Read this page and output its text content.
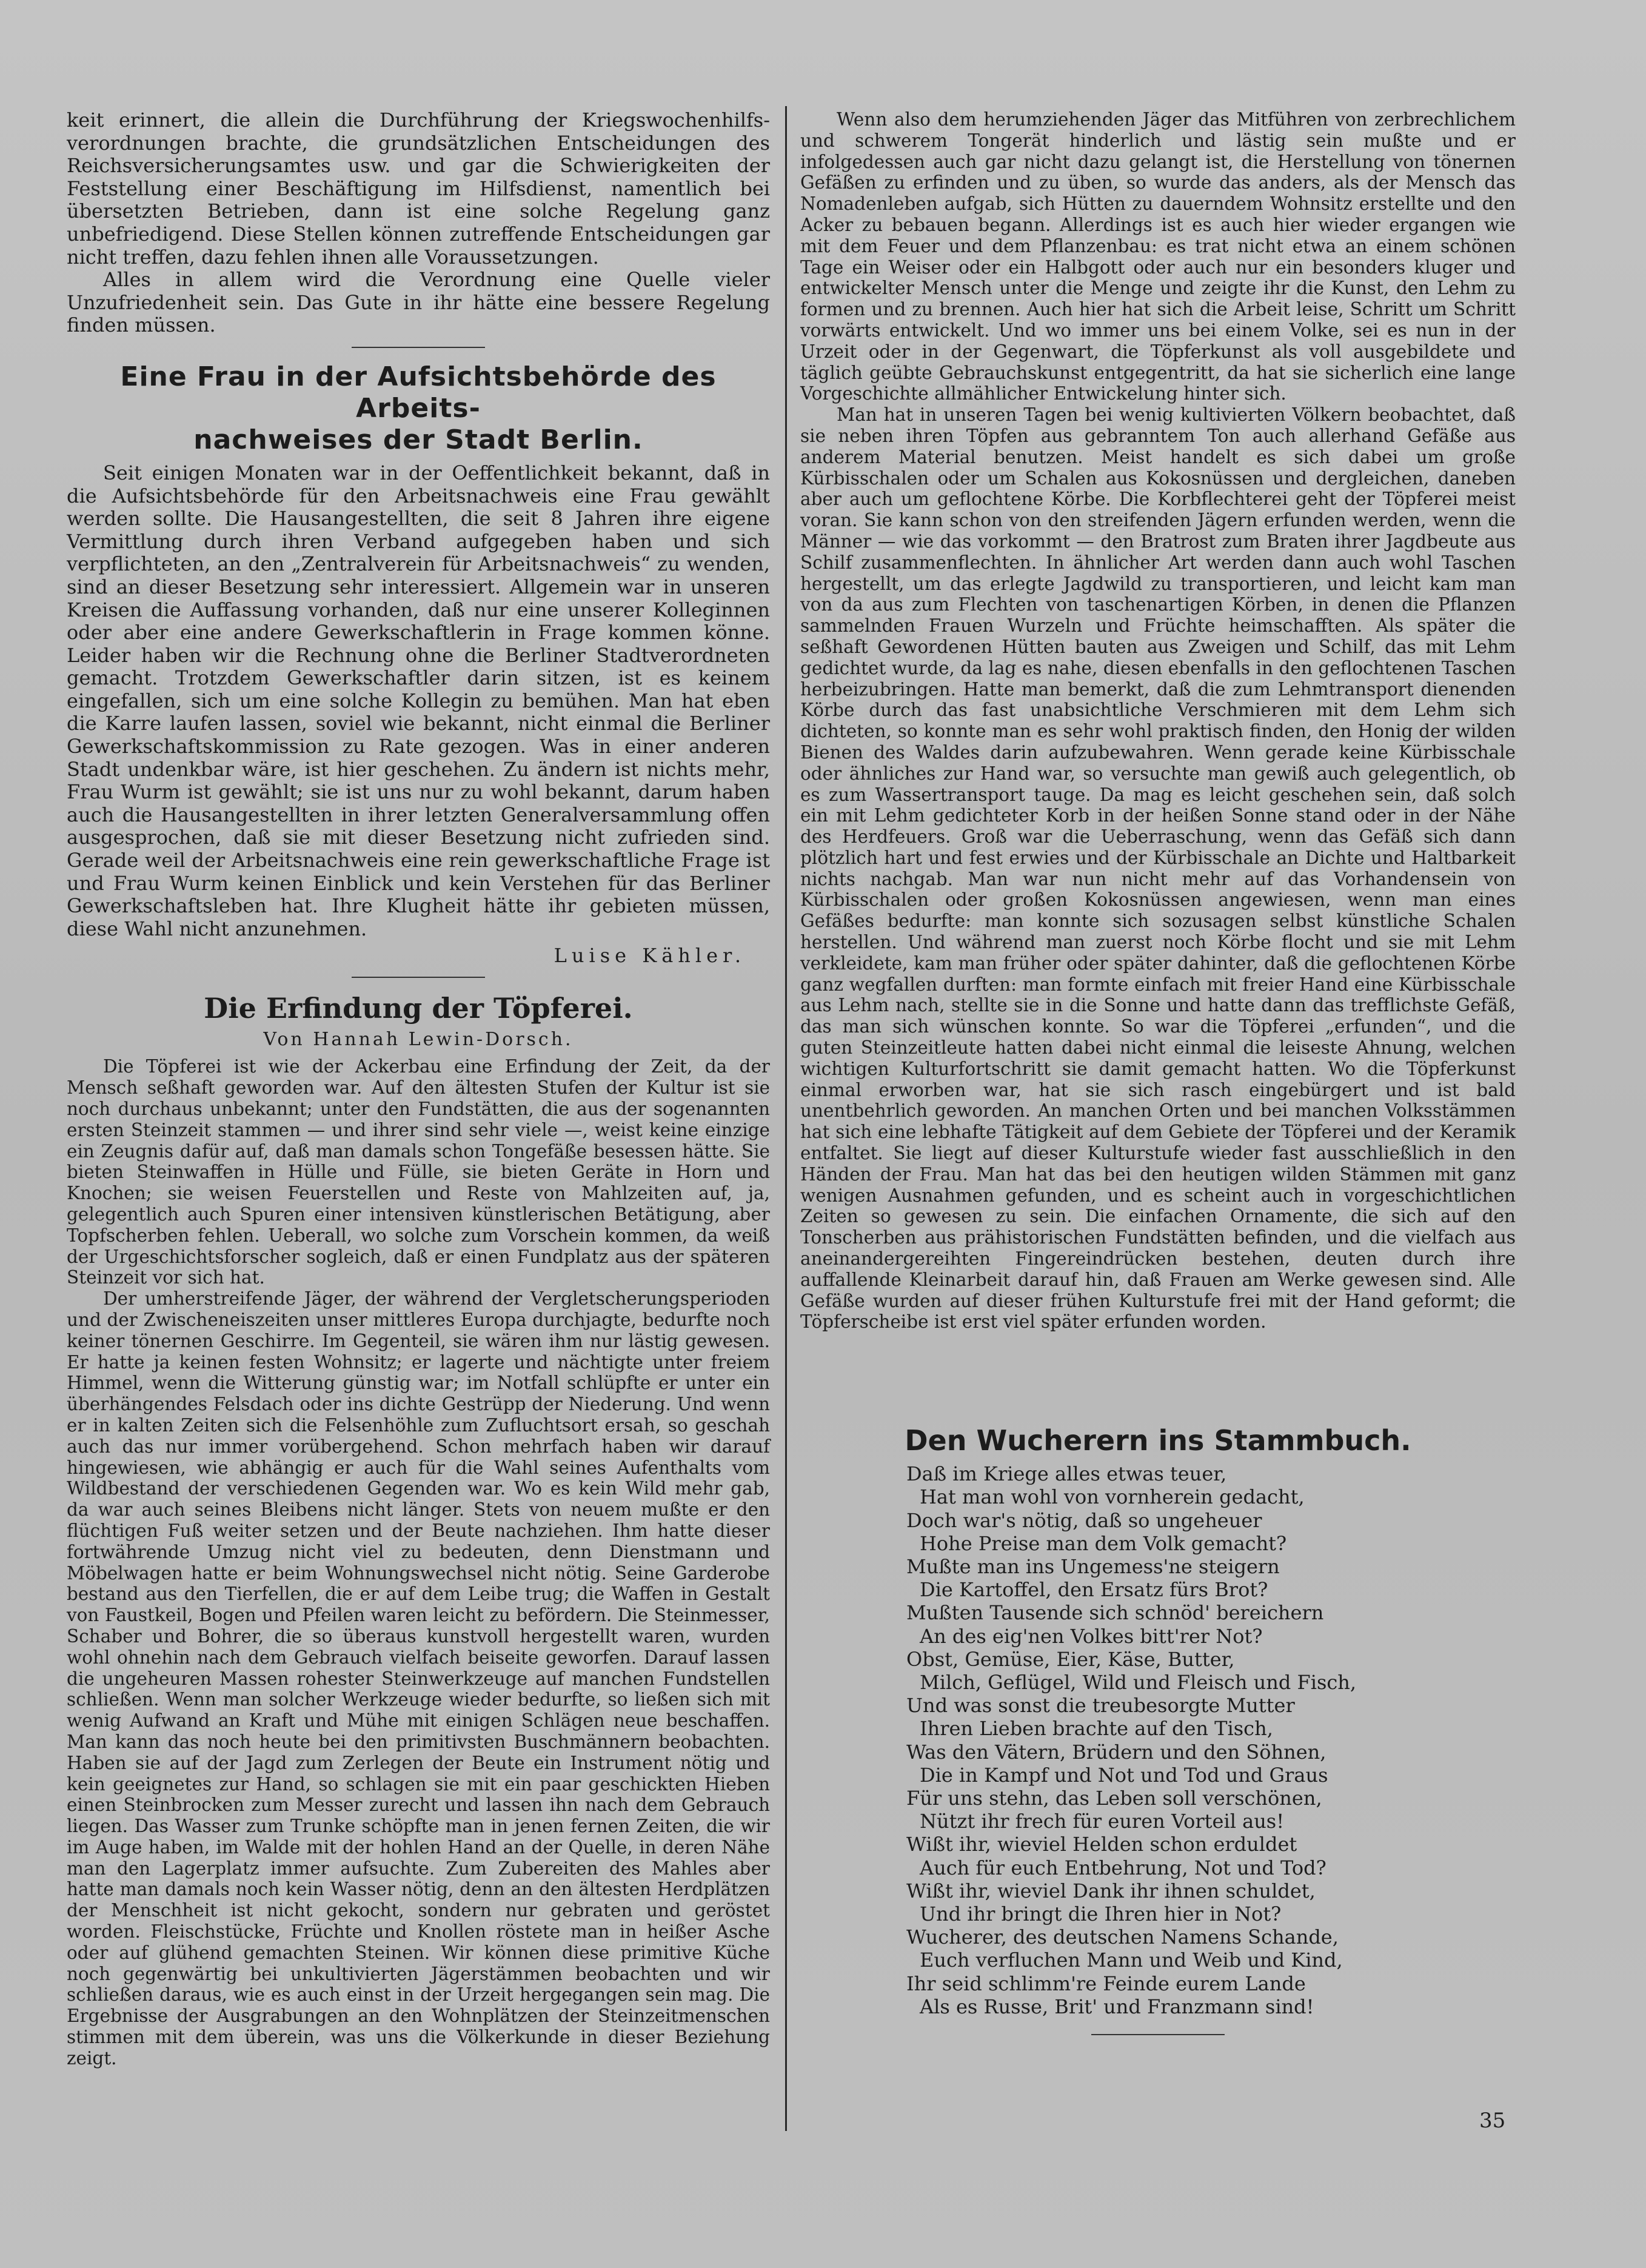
keit erinnert, die allein die Durchführung der Kriegswochenhilfs-verordnungen brachte, die grundsätzlichen Entscheidungen des Reichsversicherungsamtes usw. und gar die Schwierigkeiten der Feststellung einer Beschäftigung im Hilfsdienst, namentlich bei übersetzten Betrieben, dann ist eine solche Regelung ganz unbefriedigend. Diese Stellen können zutreffende Entscheidungen gar nicht treffen, dazu fehlen ihnen alle Voraussetzungen.

Alles in allem wird die Verordnung eine Quelle vieler Unzufriedenheit sein. Das Gute in ihr hätte eine bessere Regelung finden müssen.

Eine Frau in der Aufsichtsbehörde des Arbeits-
nachweises der Stadt Berlin.

Seit einigen Monaten war in der Oeffentlichkeit bekannt, daß in die Aufsichtsbehörde für den Arbeitsnachweis eine Frau gewählt werden sollte. Die Hausangestellten, die seit 8 Jahren ihre eigene Vermittlung durch ihren Verband aufgegeben haben und sich verpflichteten, an den „Zentralverein für Arbeitsnachweis“ zu wenden, sind an dieser Besetzung sehr interessiert. Allgemein war in unseren Kreisen die Auffassung vorhanden, daß nur eine unserer Kolleginnen oder aber eine andere Gewerkschaftlerin in Frage kommen könne. Leider haben wir die Rechnung ohne die Berliner Stadtverordneten gemacht. Trotzdem Gewerkschaftler darin sitzen, ist es keinem eingefallen, sich um eine solche Kollegin zu bemühen. Man hat eben die Karre laufen lassen, soviel wie bekannt, nicht einmal die Berliner Gewerkschaftskommission zu Rate gezogen. Was in einer anderen Stadt undenkbar wäre, ist hier geschehen. Zu ändern ist nichts mehr, Frau Wurm ist gewählt; sie ist uns nur zu wohl bekannt, darum haben auch die Hausangestellten in ihrer letzten Generalversammlung offen ausgesprochen, daß sie mit dieser Besetzung nicht zufrieden sind. Gerade weil der Arbeitsnachweis eine rein gewerkschaftliche Frage ist und Frau Wurm keinen Einblick und kein Verstehen für das Berliner Gewerkschaftsleben hat. Ihre Klugheit hätte ihr gebieten müssen, diese Wahl nicht anzunehmen.

Luise Kähler.
Die Erfindung der Töpferei.
Von Hannah Lewin-Dorsch.

Die Töpferei ist wie der Ackerbau eine Erfindung der Zeit, da der Mensch seßhaft geworden war. Auf den ältesten Stufen der Kultur ist sie noch durchaus unbekannt; unter den Fundstätten, die aus der sogenannten ersten Steinzeit stammen — und ihrer sind sehr viele —, weist keine einzige ein Zeugnis dafür auf, daß man damals schon Tongefäße besessen hätte. Sie bieten Steinwaffen in Hülle und Fülle, sie bieten Geräte in Horn und Knochen; sie weisen Feuerstellen und Reste von Mahlzeiten auf, ja, gelegentlich auch Spuren einer intensiven künstlerischen Betätigung, aber Topfscherben fehlen. Ueberall, wo solche zum Vorschein kommen, da weiß der Urgeschichtsforscher sogleich, daß er einen Fundplatz aus der späteren Steinzeit vor sich hat.

Der umherstreifende Jäger, der während der Vergletscherungsperioden und der Zwischeneiszeiten unser mittleres Europa durchjagte, bedurfte noch keiner tönernen Geschirre. Im Gegenteil, sie wären ihm nur lästig gewesen. Er hatte ja keinen festen Wohnsitz; er lagerte und nächtigte unter freiem Himmel, wenn die Witterung günstig war; im Notfall schlüpfte er unter ein überhängendes Felsdach oder ins dichte Gestrüpp der Niederung. Und wenn er in kalten Zeiten sich die Felsenhöhle zum Zufluchtsort ersah, so geschah auch das nur immer vorübergehend. Schon mehrfach haben wir darauf hingewiesen, wie abhängig er auch für die Wahl seines Aufenthalts vom Wildbestand der verschiedenen Gegenden war. Wo es kein Wild mehr gab, da war auch seines Bleibens nicht länger. Stets von neuem mußte er den flüchtigen Fuß weiter setzen und der Beute nachziehen. Ihm hatte dieser fortwährende Umzug nicht viel zu bedeuten, denn Dienstmann und Möbelwagen hatte er beim Wohnungswechsel nicht nötig. Seine Garderobe bestand aus den Tierfellen, die er auf dem Leibe trug; die Waffen in Gestalt von Faustkeil, Bogen und Pfeilen waren leicht zu befördern. Die Steinmesser, Schaber und Bohrer, die so überaus kunstvoll hergestellt waren, wurden wohl ohnehin nach dem Gebrauch vielfach beiseite geworfen. Darauf lassen die ungeheuren Massen rohester Steinwerkzeuge auf manchen Fundstellen schließen. Wenn man solcher Werkzeuge wieder bedurfte, so ließen sich mit wenig Aufwand an Kraft und Mühe mit einigen Schlägen neue beschaffen. Man kann das noch heute bei den primitivsten Buschmännern beobachten. Haben sie auf der Jagd zum Zerlegen der Beute ein Instrument nötig und kein geeignetes zur Hand, so schlagen sie mit ein paar geschickten Hieben einen Steinbrocken zum Messer zurecht und lassen ihn nach dem Gebrauch liegen. Das Wasser zum Trunke schöpfte man in jenen fernen Zeiten, die wir im Auge haben, im Walde mit der hohlen Hand an der Quelle, in deren Nähe man den Lagerplatz immer aufsuchte. Zum Zubereiten des Mahles aber hatte man damals noch kein Wasser nötig, denn an den ältesten Herdplätzen der Menschheit ist nicht gekocht, sondern nur gebraten und geröstet worden. Fleischstücke, Früchte und Knollen röstete man in heißer Asche oder auf glühend gemachten Steinen. Wir können diese primitive Küche noch gegenwärtig bei unkultivierten Jägerstämmen beobachten und wir schließen daraus, wie es auch einst in der Urzeit hergegangen sein mag. Die Ergebnisse der Ausgrabungen an den Wohnplätzen der Steinzeitmenschen stimmen mit dem überein, was uns die Völkerkunde in dieser Beziehung zeigt.

Wenn also dem herumziehenden Jäger das Mitführen von zerbrechlichem und schwerem Tongerät hinderlich und lästig sein mußte und er infolgedessen auch gar nicht dazu gelangt ist, die Herstellung von tönernen Gefäßen zu erfinden und zu üben, so wurde das anders, als der Mensch das Nomadenleben aufgab, sich Hütten zu dauerndem Wohnsitz erstellte und den Acker zu bebauen begann. Allerdings ist es auch hier wieder ergangen wie mit dem Feuer und dem Pflanzenbau: es trat nicht etwa an einem schönen Tage ein Weiser oder ein Halbgott oder auch nur ein besonders kluger und entwickelter Mensch unter die Menge und zeigte ihr die Kunst, den Lehm zu formen und zu brennen. Auch hier hat sich die Arbeit leise, Schritt um Schritt vorwärts entwickelt. Und wo immer uns bei einem Volke, sei es nun in der Urzeit oder in der Gegenwart, die Töpferkunst als voll ausgebildete und täglich geübte Gebrauchskunst entgegentritt, da hat sie sicherlich eine lange Vorgeschichte allmählicher Entwickelung hinter sich.

Man hat in unseren Tagen bei wenig kultivierten Völkern beobachtet, daß sie neben ihren Töpfen aus gebranntem Ton auch allerhand Gefäße aus anderem Material benutzen. Meist handelt es sich dabei um große Kürbisschalen oder um Schalen aus Kokosnüssen und dergleichen, daneben aber auch um geflochtene Körbe. Die Korbflechterei geht der Töpferei meist voran. Sie kann schon von den streifenden Jägern erfunden werden, wenn die Männer — wie das vorkommt — den Bratrost zum Braten ihrer Jagdbeute aus Schilf zusammenflechten. In ähnlicher Art werden dann auch wohl Taschen hergestellt, um das erlegte Jagdwild zu transportieren, und leicht kam man von da aus zum Flechten von taschenartigen Körben, in denen die Pflanzen sammelnden Frauen Wurzeln und Früchte heimschafften. Als später die seßhaft Gewordenen Hütten bauten aus Zweigen und Schilf, das mit Lehm gedichtet wurde, da lag es nahe, diesen ebenfalls in den geflochtenen Taschen herbeizubringen. Hatte man bemerkt, daß die zum Lehmtransport dienenden Körbe durch das fast unabsichtliche Verschmieren mit dem Lehm sich dichteten, so konnte man es sehr wohl praktisch finden, den Honig der wilden Bienen des Waldes darin aufzubewahren. Wenn gerade keine Kürbisschale oder ähnliches zur Hand war, so versuchte man gewiß auch gelegentlich, ob es zum Wassertransport tauge. Da mag es leicht geschehen sein, daß solch ein mit Lehm gedichteter Korb in der heißen Sonne stand oder in der Nähe des Herdfeuers. Groß war die Ueberraschung, wenn das Gefäß sich dann plötzlich hart und fest erwies und der Kürbisschale an Dichte und Haltbarkeit nichts nachgab. Man war nun nicht mehr auf das Vorhandensein von Kürbisschalen oder großen Kokosnüssen angewiesen, wenn man eines Gefäßes bedurfte: man konnte sich sozusagen selbst künstliche Schalen herstellen. Und während man zuerst noch Körbe flocht und sie mit Lehm verkleidete, kam man früher oder später dahinter, daß die geflochtenen Körbe ganz wegfallen durften: man formte einfach mit freier Hand eine Kürbisschale aus Lehm nach, stellte sie in die Sonne und hatte dann das trefflichste Gefäß, das man sich wünschen konnte. So war die Töpferei „erfunden“, und die guten Steinzeitleute hatten dabei nicht einmal die leiseste Ahnung, welchen wichtigen Kulturfortschritt sie damit gemacht hatten. Wo die Töpferkunst einmal erworben war, hat sie sich rasch eingebürgert und ist bald unentbehrlich geworden. An manchen Orten und bei manchen Volksstämmen hat sich eine lebhafte Tätigkeit auf dem Gebiete der Töpferei und der Keramik entfaltet. Sie liegt auf dieser Kulturstufe wieder fast ausschließlich in den Händen der Frau. Man hat das bei den heutigen wilden Stämmen mit ganz wenigen Ausnahmen gefunden, und es scheint auch in vorgeschichtlichen Zeiten so gewesen zu sein. Die einfachen Ornamente, die sich auf den Tonscherben aus prähistorischen Fundstätten befinden, und die vielfach aus aneinandergereihten Fingereindrücken bestehen, deuten durch ihre auffallende Kleinarbeit darauf hin, daß Frauen am Werke gewesen sind. Alle Gefäße wurden auf dieser frühen Kulturstufe frei mit der Hand geformt; die Töpferscheibe ist erst viel später erfunden worden.

Den Wucherern ins Stammbuch.

Daß im Kriege alles etwas teuer,

Hat man wohl von vornherein gedacht,

Doch war's nötig, daß so ungeheuer

Hohe Preise man dem Volk gemacht?

Mußte man ins Ungemess'ne steigern

Die Kartoffel, den Ersatz fürs Brot?

Mußten Tausende sich schnöd' bereichern

An des eig'nen Volkes bitt'rer Not?

Obst, Gemüse, Eier, Käse, Butter,

Milch, Geflügel, Wild und Fleisch und Fisch,

Und was sonst die treubesorgte Mutter

Ihren Lieben brachte auf den Tisch,

Was den Vätern, Brüdern und den Söhnen,

Die in Kampf und Not und Tod und Graus

Für uns stehn, das Leben soll verschönen,

Nützt ihr frech für euren Vorteil aus!

Wißt ihr, wieviel Helden schon erduldet

Auch für euch Entbehrung, Not und Tod?

Wißt ihr, wieviel Dank ihr ihnen schuldet,

Und ihr bringt die Ihren hier in Not?

Wucherer, des deutschen Namens Schande,

Euch verfluchen Mann und Weib und Kind,

Ihr seid schlimm're Feinde eurem Lande

Als es Russe, Brit' und Franzmann sind!

35
